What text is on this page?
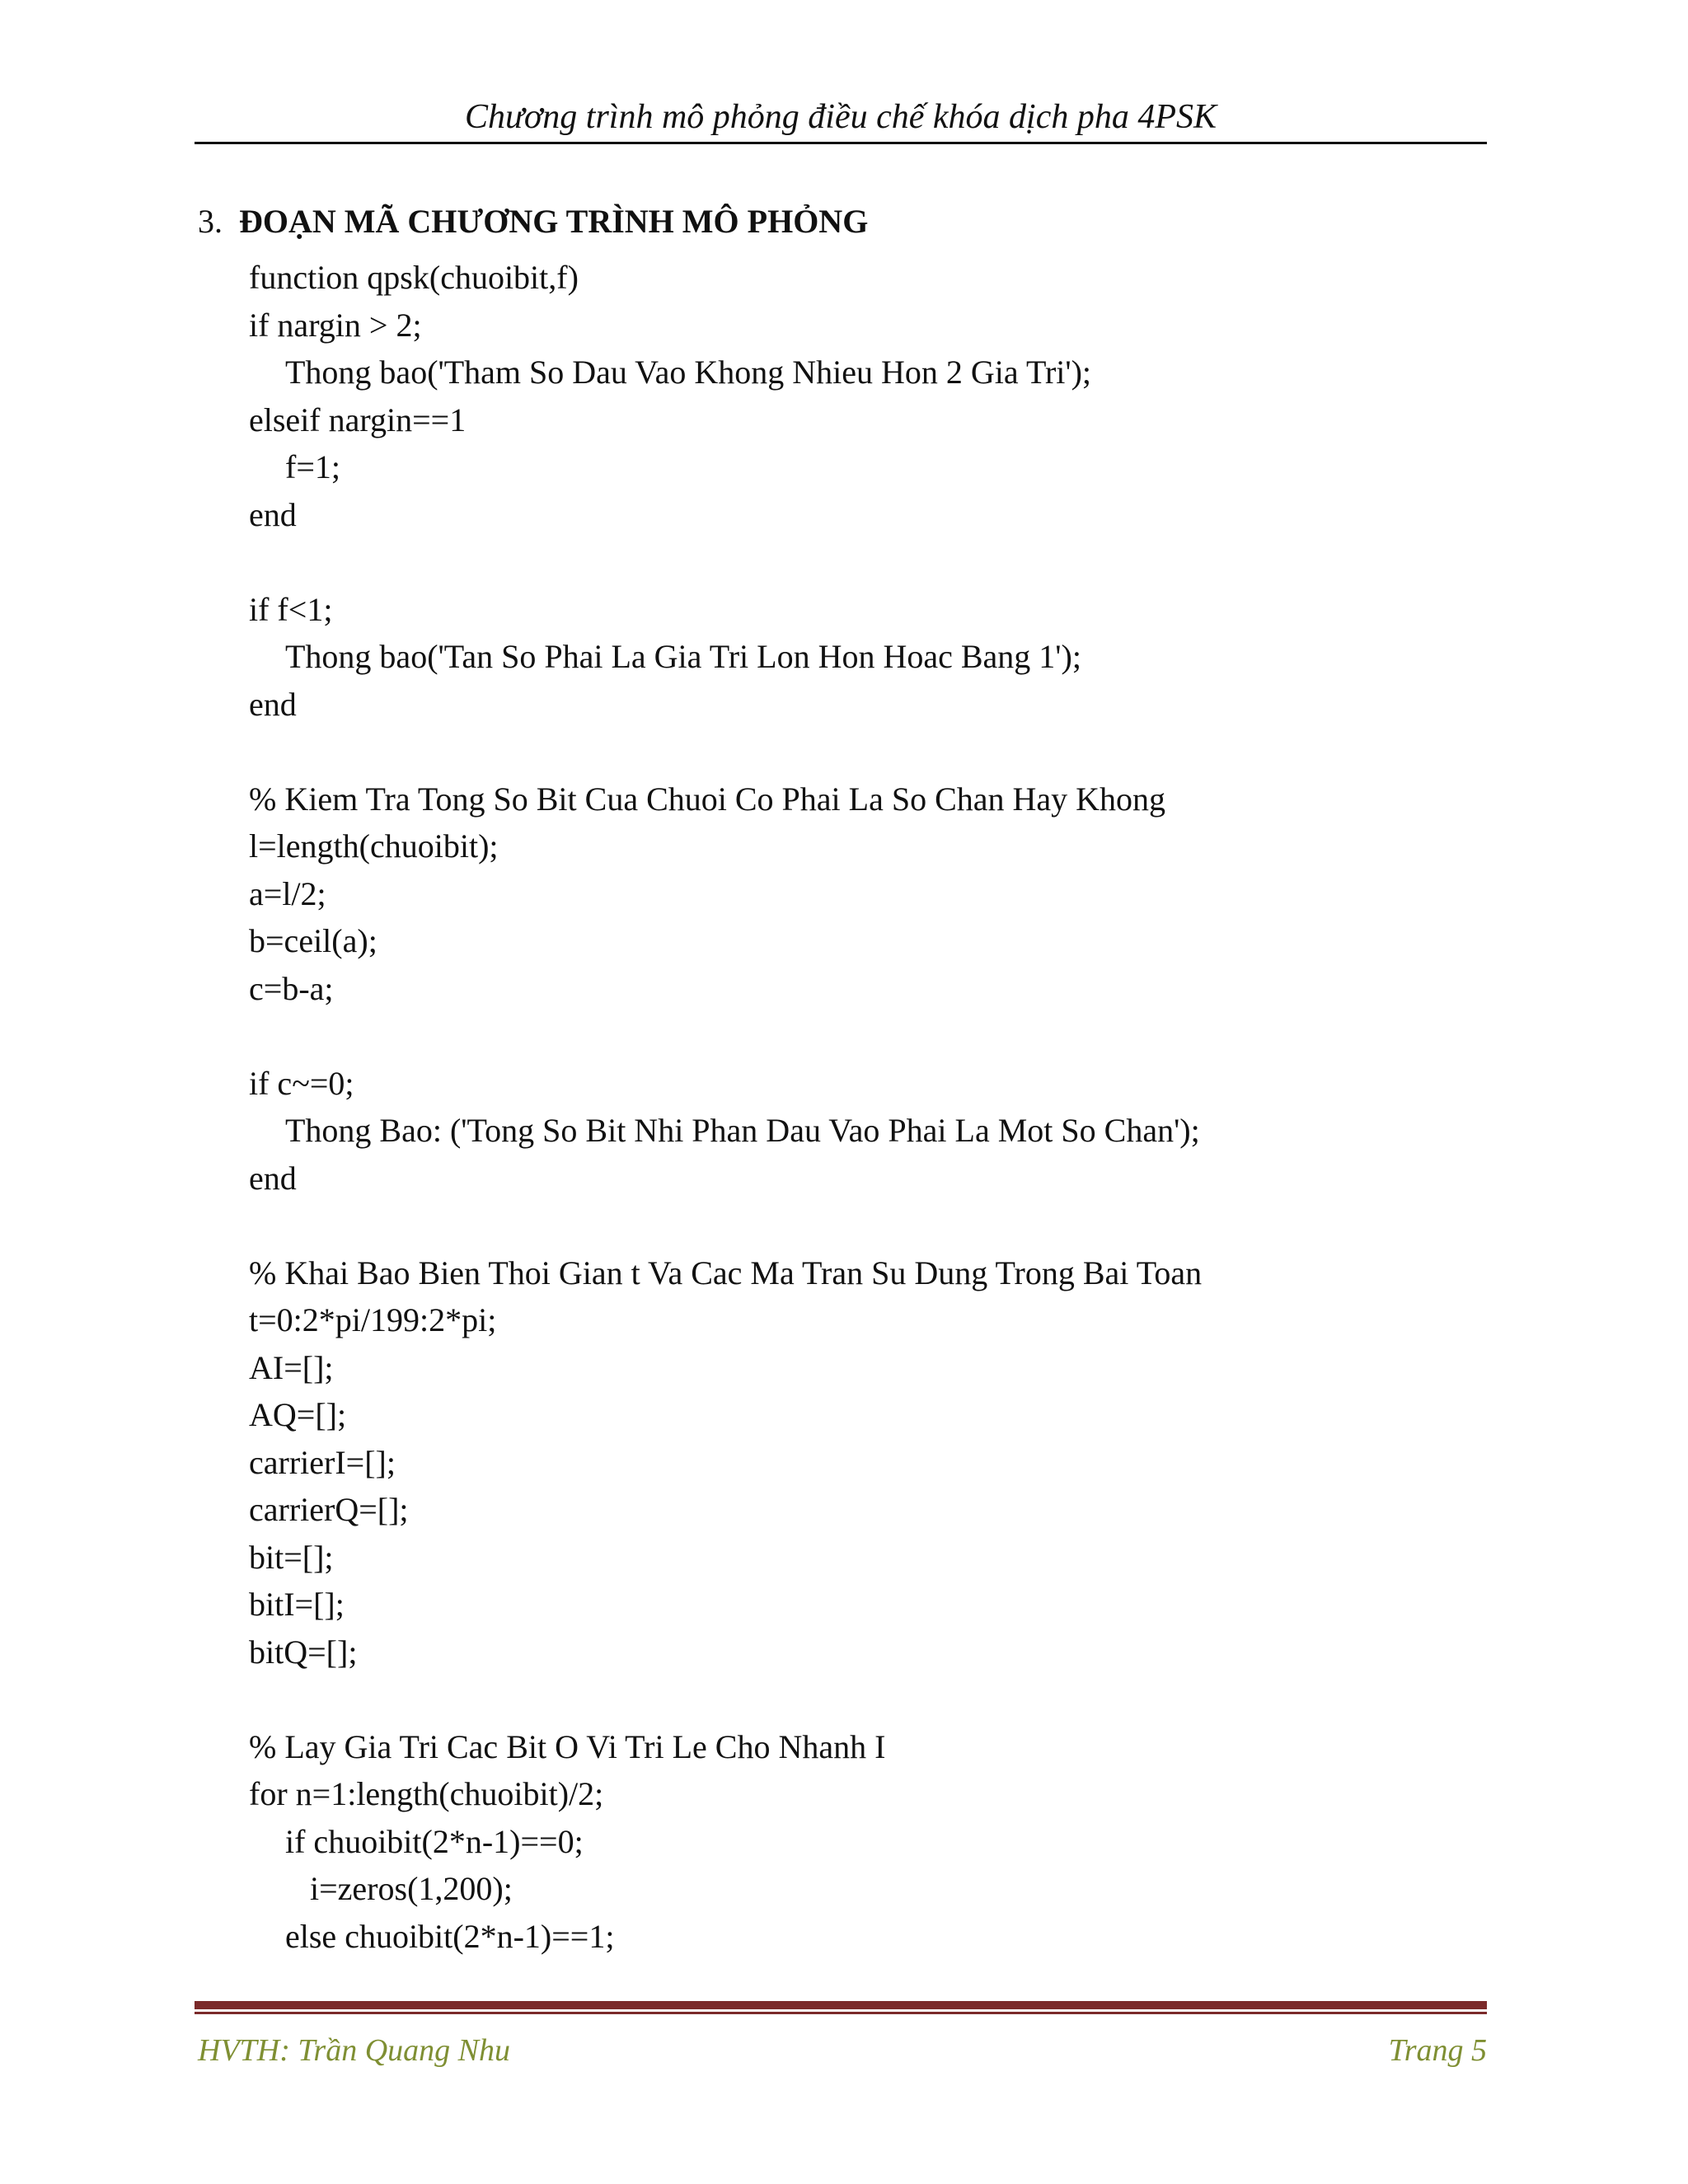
Chương trình mô phỏng điều chế khóa dịch pha 4PSK
3. ĐOẠN MÃ CHƯƠNG TRÌNH MÔ PHỎNG
function qpsk(chuoibit,f)
if nargin > 2;
Thong bao('Tham So Dau Vao Khong Nhieu Hon 2 Gia Tri');
elseif nargin==1
f=1;
end
if f<1;
Thong bao('Tan So Phai La Gia Tri Lon Hon Hoac Bang 1');
end
% Kiem Tra Tong So Bit Cua Chuoi Co Phai La So Chan Hay Khong
l=length(chuoibit);
a=l/2;
b=ceil(a);
c=b-a;
if c~=0;
Thong Bao: ('Tong So Bit Nhi Phan Dau Vao Phai La Mot So Chan');
end
% Khai Bao Bien Thoi Gian t Va Cac Ma Tran Su Dung Trong Bai Toan
t=0:2*pi/199:2*pi;
AI=[];
AQ=[];
carrierI=[];
carrierQ=[];
bit=[];
bitI=[];
bitQ=[];
% Lay Gia Tri Cac Bit O Vi Tri Le Cho Nhanh I
for n=1:length(chuoibit)/2;
if chuoibit(2*n-1)==0;
i=zeros(1,200);
else chuoibit(2*n-1)==1;
HVTH: Trần Quang Nhu	Trang 5
